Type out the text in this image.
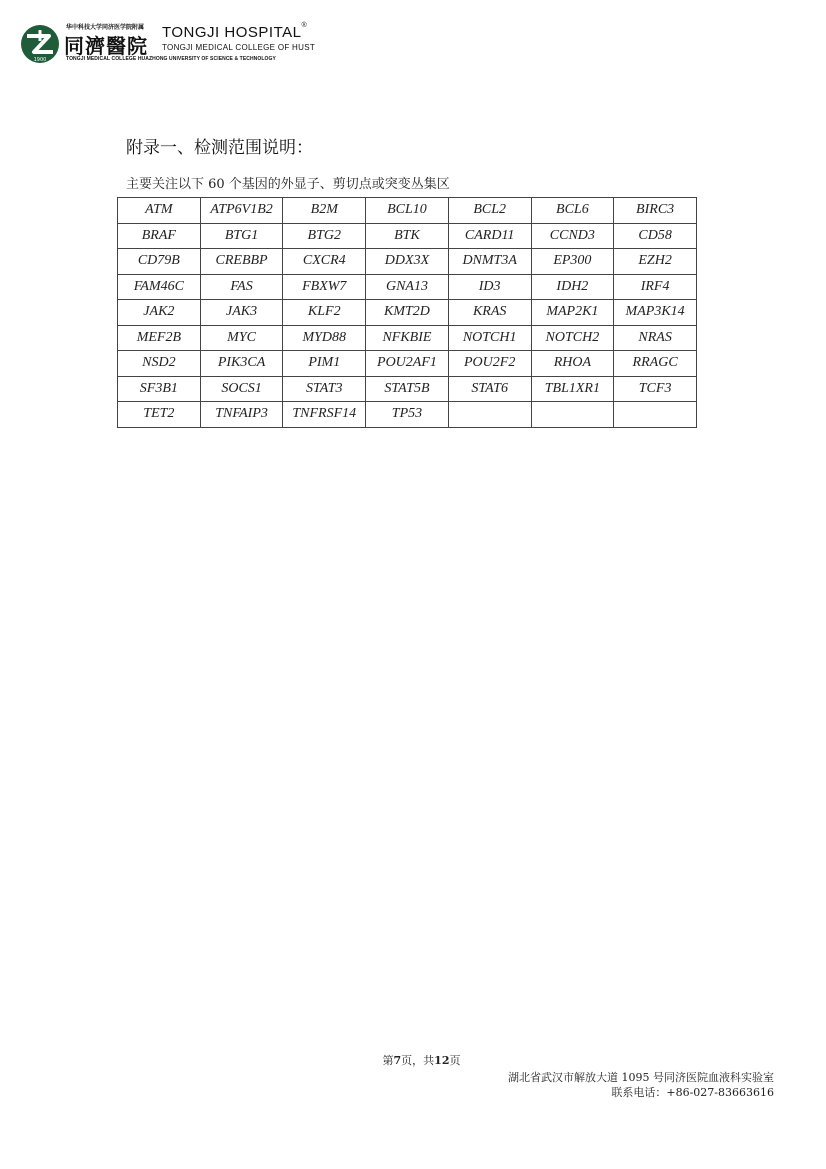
1900
华中科技大学同济医学院附属
同濟醫院
TONGJI HOSPITAL®
TONGJI MEDICAL COLLEGE OF HUST
TONGJI MEDICAL COLLEGE HUAZHONG UNIVERSITY OF SCIENCE & TECHNOLOGY
附录一、检测范围说明：
主要关注以下 60 个基因的外显子、剪切点或突变丛集区
ATM	ATP6V1B2	B2M	BCL10	BCL2	BCL6	BIRC3
BRAF	BTG1	BTG2	BTK	CARD11	CCND3	CD58
CD79B	CREBBP	CXCR4	DDX3X	DNMT3A	EP300	EZH2
FAM46C	FAS	FBXW7	GNA13	ID3	IDH2	IRF4
JAK2	JAK3	KLF2	KMT2D	KRAS	MAP2K1	MAP3K14
MEF2B	MYC	MYD88	NFKBIE	NOTCH1	NOTCH2	NRAS
NSD2	PIK3CA	PIM1	POU2AF1	POU2F2	RHOA	RRAGC
SF3B1	SOCS1	STAT3	STAT5B	STAT6	TBL1XR1	TCF3
TET2	TNFAIP3	TNFRSF14	TP53			
第7页，共12页
湖北省武汉市解放大道 1095 号同济医院血液科实验室
联系电话：+86-027-83663616
